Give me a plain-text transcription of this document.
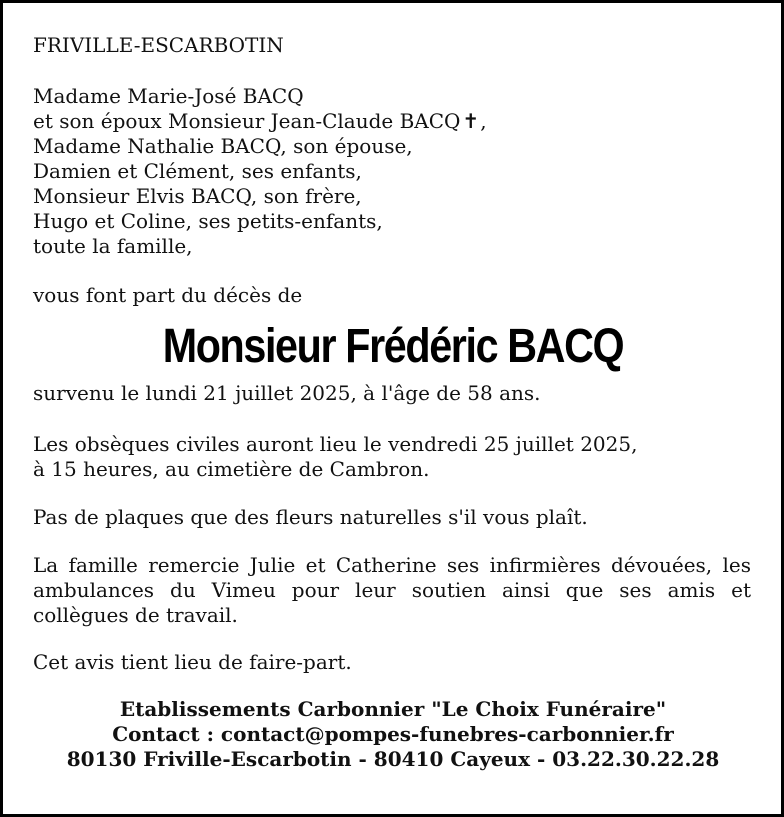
FRIVILLE-ESCARBOTIN
Madame Marie-José BACQ
et son époux Monsieur Jean-Claude BACQ ✝,
Madame Nathalie BACQ, son épouse,
Damien et Clément, ses enfants,
Monsieur Elvis BACQ, son frère,
Hugo et Coline, ses petits-enfants,
toute la famille,
vous font part du décès de
Monsieur Frédéric BACQ
survenu le lundi 21 juillet 2025, à l'âge de 58 ans.
Les obsèques civiles auront lieu le vendredi 25 juillet 2025,
à 15 heures, au cimetière de Cambron.
Pas de plaques que des fleurs naturelles s'il vous plaît.
La famille remercie Julie et Catherine ses infirmières dévouées, les ambulances du Vimeu pour leur soutien ainsi que ses amis et collègues de travail.
Cet avis tient lieu de faire-part.
Etablissements Carbonnier "Le Choix Funéraire"
Contact : contact@pompes-funebres-carbonnier.fr
80130 Friville-Escarbotin - 80410 Cayeux - 03.22.30.22.28
